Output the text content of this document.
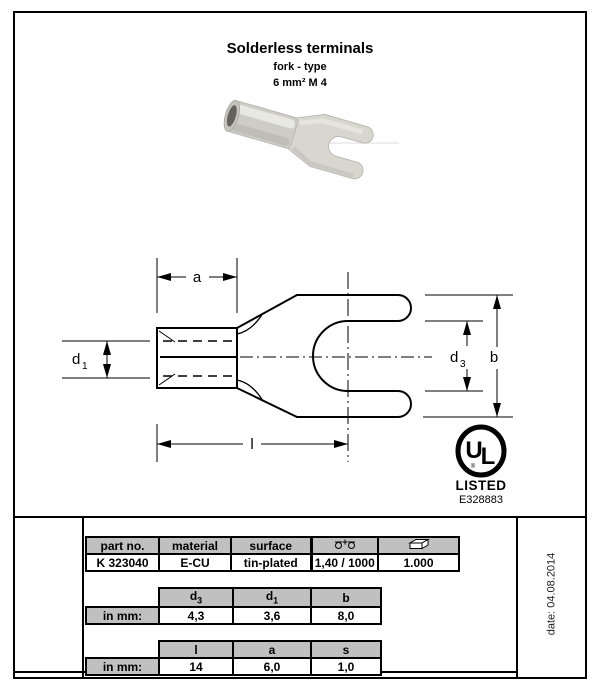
Solderless terminals
fork - type
6 mm² M 4
a
d 1
l
d 3 b
U
L
®
LISTED
E328883
part no.	material	surface		
K 323040	E-CU	tin-plated	1,40 / 1000	1.000
	$d_3$	$d_1$	b
in mm:	4,3	3,6	8,0
	l	a	s
in mm:	14	6,0	1,0
date: 04.08.2014
